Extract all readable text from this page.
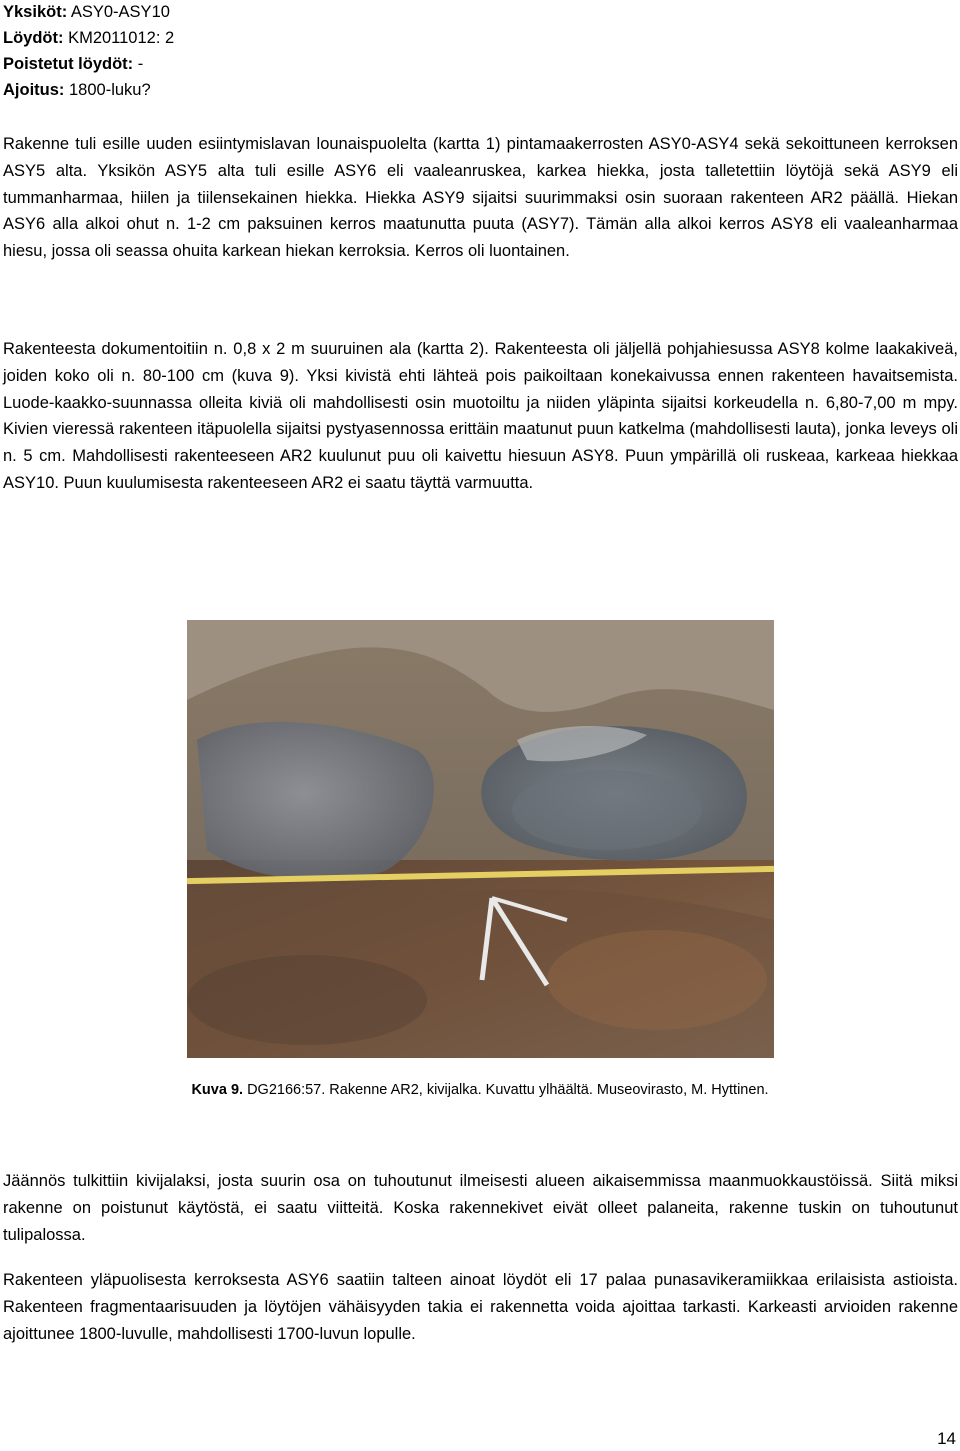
Yksiköt: ASY0-ASY10
Löydöt: KM2011012: 2
Poistetut löydöt: -
Ajoitus: 1800-luku?

Rakenne tuli esille uuden esiintymislavan lounaispuolelta (kartta 1) pintamaakerrosten ASY0-ASY4 sekä sekoittuneen kerroksen ASY5 alta. Yksikön ASY5 alta tuli esille ASY6 eli vaaleanruskea, karkea hiekka, josta talletettiin löytöjä sekä ASY9 eli tummanharmaa, hiilen ja tiilensekainen hiekka. Hiekka ASY9 sijaitsi suurimmaksi osin suoraan rakenteen AR2 päällä. Hiekan ASY6 alla alkoi ohut n. 1-2 cm paksuinen kerros maatunutta puuta (ASY7). Tämän alla alkoi kerros ASY8 eli vaaleanharmaa hiesu, jossa oli seassa ohuita karkean hiekan kerroksia. Kerros oli luontainen.

Rakenteesta dokumentoitiin n. 0,8 x 2 m suuruinen ala (kartta 2). Rakenteesta oli jäljellä pohjahiesussa ASY8 kolme laakakiveä, joiden koko oli n. 80-100 cm (kuva 9). Yksi kivistä ehti lähteä pois paikoiltaan konekaivussa ennen rakenteen havaitsemista. Luode-kaakko-suunnassa olleita kiviä oli mahdollisesti osin muotoiltu ja niiden yläpinta sijaitsi korkeudella n. 6,80-7,00 m mpy. Kivien vieressä rakenteen itäpuolella sijaitsi pystyasennossa erittäin maatunut puun katkelma (mahdollisesti lauta), jonka leveys oli n. 5 cm. Mahdollisesti rakenteeseen AR2 kuulunut puu oli kaivettu hiesuun ASY8. Puun ympärillä oli ruskeaa, karkeaa hiekkaa ASY10. Puun kuulumisesta rakenteeseen AR2 ei saatu täyttä varmuutta.

Kuva 9. DG2166:57. Rakenne AR2, kivijalka. Kuvattu ylhäältä. Museovirasto, M. Hyttinen.

Jäännös tulkittiin kivijalaksi, josta suurin osa on tuhoutunut ilmeisesti alueen aikaisemmissa maanmuokkaustöissä. Siitä miksi rakenne on poistunut käytöstä, ei saatu viitteitä. Koska rakennekivet eivät olleet palaneita, rakenne tuskin on tuhoutunut tulipalossa.

Rakenteen yläpuolisesta kerroksesta ASY6 saatiin talteen ainoat löydöt eli 17 palaa punasavikeramiikkaa erilaisista astioista. Rakenteen fragmentaarisuuden ja löytöjen vähäisyyden takia ei rakennetta voida ajoittaa tarkasti. Karkeasti arvioiden rakenne ajoittunee 1800-luvulle, mahdollisesti 1700-luvun lopulle.

14
